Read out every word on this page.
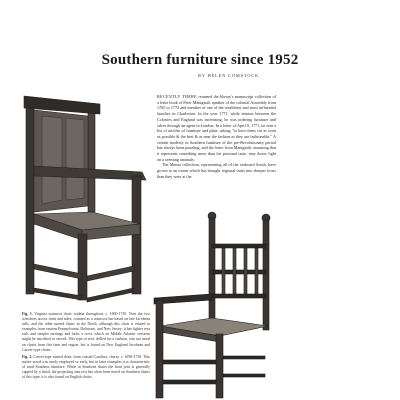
Southern furniture since 1952
BY HELEN COMSTOCK

RECENTLY THERE returned the library's manuscript collection of a letter book of Peter Manigault, speaker of the colonial Assembly from 1765 to 1772 and member of one of the wealthiest and most influential families in Charleston. In the year 1771, while tension between the Colonies and England was increasing, he was ordering furniture and silver through an agent in London. In a letter of April 9, 1771, he sent a list of articles of furniture and plate, asking "to have them cut as soon as possible & the best & as near the fashion as they are fashionable." A certain modesty in Southern furniture of the pre-Revolutionary period has always been puzzling, and the letter from Manigault, assuming that it represents something more than his personal taste, may throw light on a seeming anomaly.

The Mensa collection, representing all of the seaboard South, have grown to an extent which has brought regional traits into sharper focus than they were at the

Fig. 1. Virginia wainscot chair; walnut throughout, c. 1690-1710. Note the two stretchers across front and sides, counted as a wainscot but based on late Jacobean rails, and the other turned chairs in the North, although this chair is related to examples from eastern Pennsylvania, Delaware, and New Jersey; it has lighter rear rails and simpler turnings and lacks a crest, which on Middle Atlantic versions might be inscribed or carved. This type of seat, drilled for a cushion, was not usual on chairs from this time and region, but is found on New England Jacobean and Carver-type chairs.

Fig. 2. Carver-type turned chair, from coastal Carolina; cherry, c. 1690-1730. This native wood was rarely employed so early, but in later examples it is characteristic of rural Southern furniture. While in Southern chairs the front post is generally capped by a finial, the projecting arm rest has often been noted on Southern chairs of this type; it is also found on English chairs.
